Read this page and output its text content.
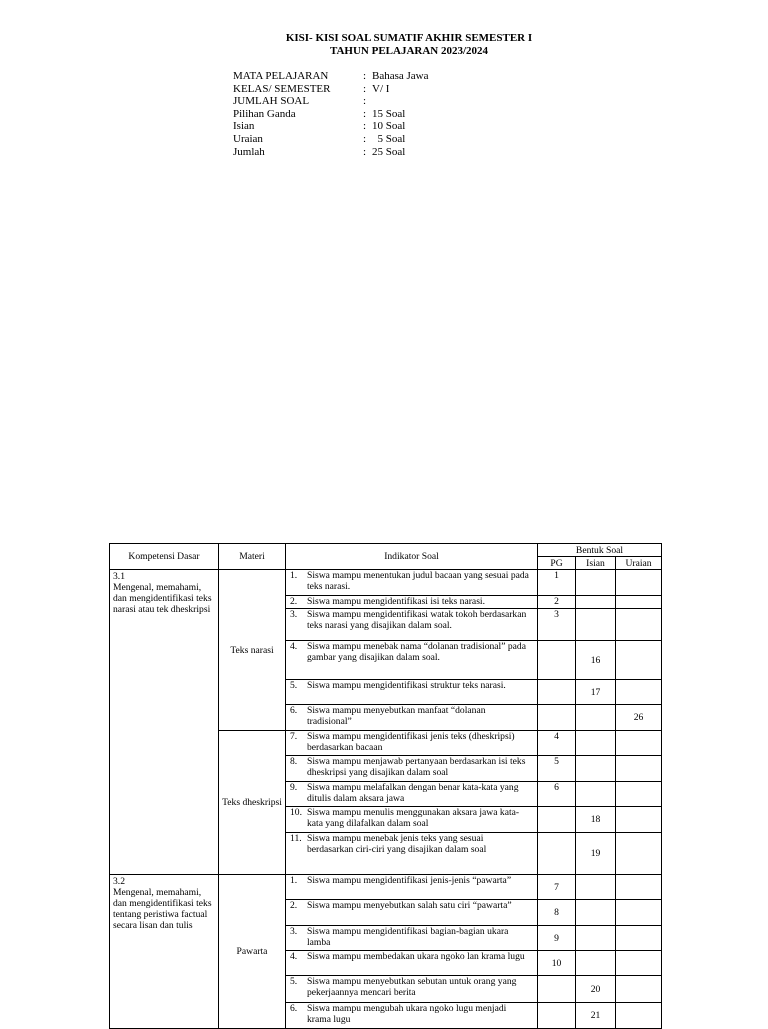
KISI- KISI SOAL SUMATIF AKHIR SEMESTER I
TAHUN PELAJARAN 2023/2024
MATA PELAJARAN	: Bahasa Jawa
KELAS/ SEMESTER	: V/ I
JUMLAH SOAL	:
Pilihan Ganda	: 15 Soal
Isian	: 10 Soal
Uraian	: 5 Soal
Jumlah	: 25 Soal
Kompetensi Dasar	Materi	Indikator Soal	Bentuk Soal		
			PG	Isian	Uraian
3.1Mengenal, memahami, dan mengidentifikasi teks narasi atau tek dheskripsi	Teks narasi	1. Siswa mampu menentukan judul bacaan yang sesuai pada teks narasi.	1		
		2. Siswa mampu mengidentifikasi isi teks narasi.	2		
		3. Siswa mampu mengidentifikasi watak tokoh berdasarkan teks narasi yang disajikan dalam soal.	3		
		4. Siswa mampu menebak nama “dolanan tradisional” pada gambar yang disajikan dalam soal.		16	
		5. Siswa mampu mengidentifikasi struktur teks narasi.		17	
		6. Siswa mampu menyebutkan manfaat “dolanan tradisional”			26
	Teks dheskripsi	7. Siswa mampu mengidentifikasi jenis teks (dheskripsi) berdasarkan bacaan	4		
		8. Siswa mampu menjawab pertanyaan berdasarkan isi teks dheskripsi yang disajikan dalam soal	5		
		9. Siswa mampu melafalkan dengan benar kata-kata yang ditulis dalam aksara jawa	6		
		10. Siswa mampu menulis menggunakan aksara jawa kata-kata yang dilafalkan dalam soal		18	
		11. Siswa mampu menebak jenis teks yang sesuai berdasarkan ciri-ciri yang disajikan dalam soal		19	
3.2Mengenal, memahami, dan mengidentifikasi teks tentang peristiwa factual secara lisan dan tulis	Pawarta	1. Siswa mampu mengidentifikasi jenis-jenis “pawarta”	7		
		2. Siswa mampu menyebutkan salah satu ciri “pawarta”	8		
		3. Siswa mampu mengidentifikasi bagian-bagian ukara lamba	9		
		4. Siswa mampu membedakan ukara ngoko lan krama lugu	10		
		5. Siswa mampu menyebutkan sebutan untuk orang yang pekerjaannya mencari berita		20	
		6. Siswa mampu mengubah ukara ngoko lugu menjadi krama lugu		21	
